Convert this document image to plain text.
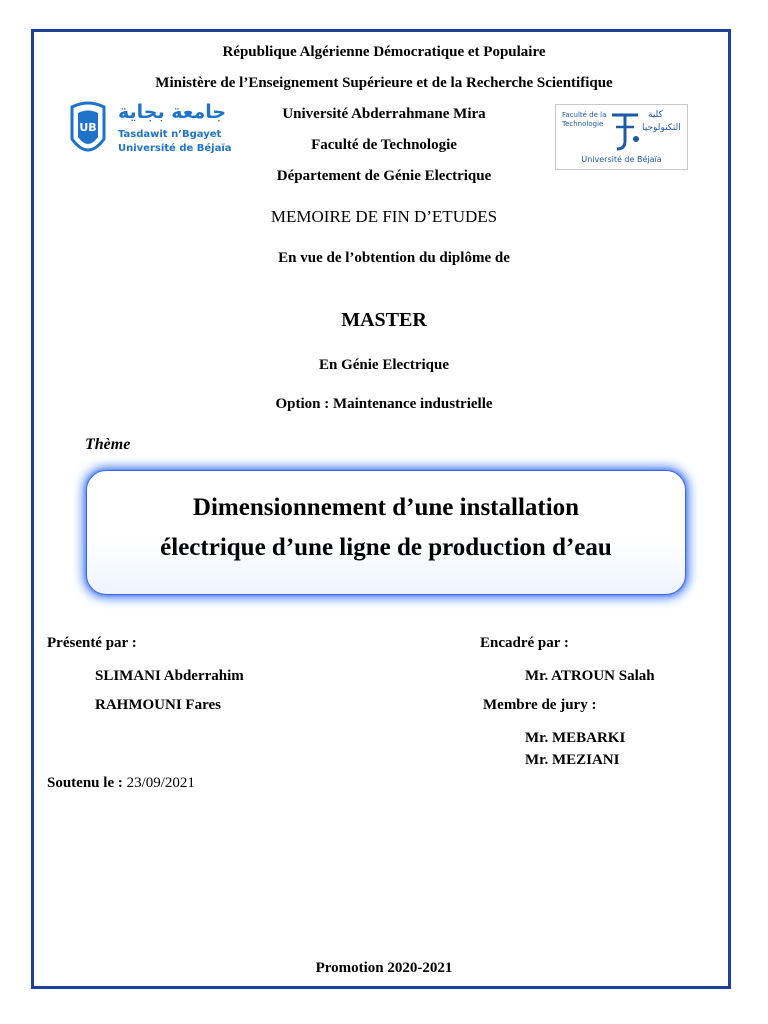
République Algérienne Démocratique et Populaire
Ministère de l’Enseignement Supérieure et de la Recherche Scientifique
Université Abderrahmane Mira
Faculté de Technologie
Département de Génie Electrique
UB
جامعة بجاية
Tasdawit n’Bgayet
Université de Béjaïa
Faculté de la
Technologie
كلية
التكنولوجيا
Université de Béjaïa
MEMOIRE DE FIN D’ETUDES
En vue de l’obtention du diplôme de
MASTER
En Génie Electrique
Option : Maintenance industrielle
Thème
Dimensionnement d’une installation
électrique d’une ligne de production d’eau
Présenté par :
SLIMANI Abderrahim
RAHMOUNI Fares
Encadré par :
Mr. ATROUN Salah
Membre de jury :
Mr. MEBARKI
Mr. MEZIANI
Soutenu le : 23/09/2021
Promotion 2020-2021
